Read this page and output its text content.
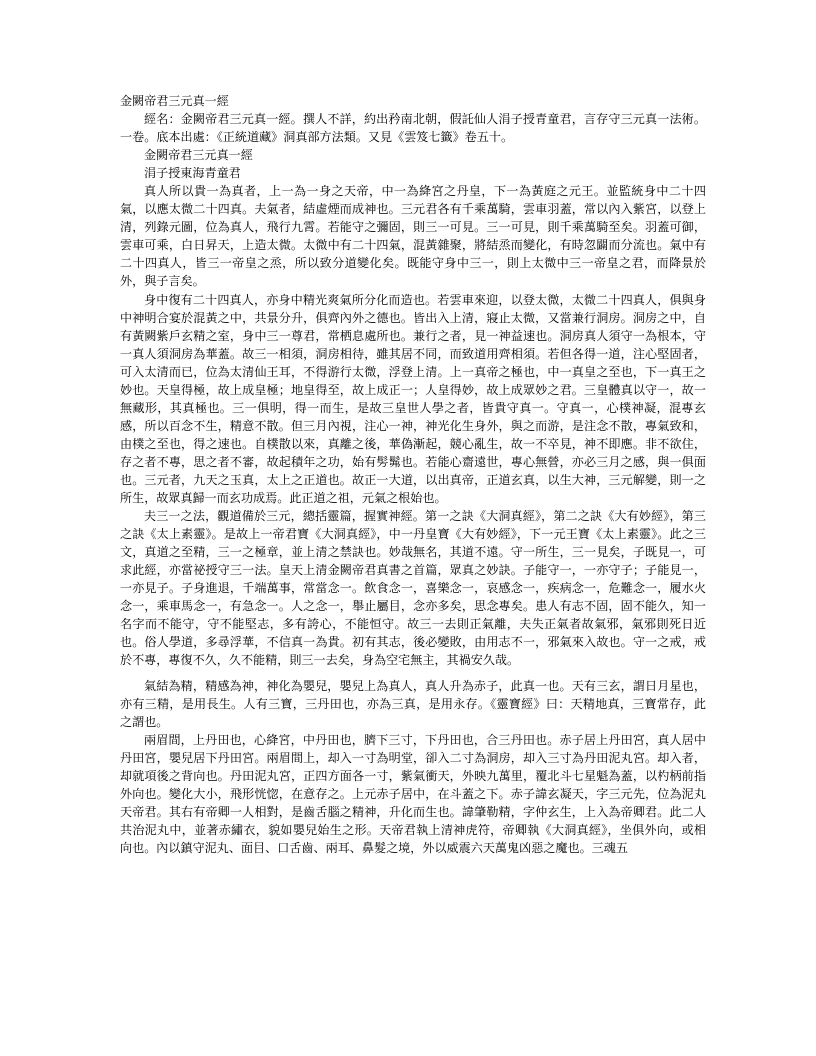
金闕帝君三元真一經

經名：金闕帝君三元真一經。撰人不詳，約出矜南北朝，假託仙人涓子授青童君，言存守三元真一法術。一卷。底本出處：《正統道藏》洞真部方法類。又見《雲笈七籤》卷五十。

金闕帝君三元真一經

涓子授東海青童君

真人所以貴一為真者，上一為一身之天帝，中一為絳宮之丹皇，下一為黃庭之元王。並監統身中二十四氣，以應太微二十四真。夫氣者，結虛煙而成神也。三元君各有千乘萬騎，雲車羽蓋，常以內入紫宮，以登上清，列錄元圖，位為真人，飛行九霄。若能守之彌固，則三一可見。三一可見，則千乘萬騎至矣。羽蓋可御，雲車可乘，白日昇天，上造太微。太微中有二十四氣，混黃雜聚，將結烝而變化，有時忽闢而分流也。氣中有二十四真人，皆三一帝皇之烝，所以致分道變化矣。既能守身中三一，則上太微中三一帝皇之君，而降景於外，與子言矣。

身中復有二十四真人，亦身中精光爽氣所分化而造也。若雲車來迎，以登太微，太微二十四真人，俱與身中神明合宴於混黃之中，共景分升，俱齊內外之德也。皆出入上清，寢止太微，又當兼行洞房。洞房之中，自有黃闕紫戶玄精之室，身中三一尊君，常栖息處所也。兼行之者，見一神益速也。洞房真人須守一為根本，守一真人須洞房為華蓋。故三一相須，洞房相待，雖其居不同，而致道用齊相須。若但各得一道，注心堅固者，可入太清而已，位為太清仙王耳，不得游行太微，浮登上清。上一真帝之極也，中一真皇之至也，下一真王之妙也。天皇得極，故上成皇極；地皇得至，故上成正一；人皇得妙，故上成眾妙之君。三皇體真以守一，故一無藏形，其真極也。三一俱明，得一而生，是故三皇世人學之者，皆貴守真一。守真一，心樸神凝，混專玄感，所以百念不生，精意不散。但三月內視，注心一神，神光化生身外，與之而游，是注念不散，專氣致和，由樸之至也，得之速也。自樸散以來，真離之後，華偽漸起，競心亂生，故一不卒見，神不即應。非不欲住，存之者不專，思之者不審，故起積年之功，始有髣髴也。若能心齋遠世，專心無營，亦必三月之感，與一俱面也。三元者，九天之玉真，太上之正道也。故正一大道，以出真帝，正道玄真，以生大神，三元解變，則一之所生，故眾真歸一而玄功成焉。此正道之祖，元氣之根始也。

夫三一之法，觀道備於三元，總括靈篇，握實神經。第一之訣《大洞真經》，第二之訣《大有妙經》，第三之訣《太上素靈》。是故上一帝君寶《大洞真經》，中一丹皇寶《大有妙經》，下一元王寶《太上素靈》。此之三文，真道之至精，三一之極章，並上清之禁訣也。妙哉無名，其道不遠。守一所生，三一見矣，子既見一，可求此經，亦當祕授守三一法。皇天上清金闕帝君真書之首篇，眾真之妙訣。子能守一，一亦守子；子能見一，一亦見子。子身進退，千端萬事，常當念一。飲食念一，喜樂念一，哀感念一，疾病念一，危難念一，履水火念一，乘車馬念一，有急念一。人之念一，舉止屬目，念亦多矣，思念專矣。患人有志不固，固不能久，知一名字而不能守，守不能堅志，多有誇心，不能恒守。故三一去則正氣離，夫失正氣者故氣邪，氣邪則死日近也。俗人學道，多尋浮華，不信真一為貴。初有其志，後必變敗，由用志不一，邪氣來入故也。守一之戒，戒於不專，專復不久，久不能精，則三一去矣，身為空宅無主，其禍安久哉。

氣結為精，精感為神，神化為嬰兒，嬰兒上為真人，真人升為赤子，此真一也。天有三玄，謂日月星也，亦有三精，是用長生。人有三寶，三丹田也，亦為三真，是用永存。《靈寶經》曰：天精地真，三寶常存，此之謂也。

兩眉間，上丹田也，心絳宮，中丹田也，臍下三寸，下丹田也，合三丹田也。赤子居上丹田宮，真人居中丹田宮，嬰兒居下丹田宮。兩眉間上，却入一寸為明堂，卻入二寸為洞房，却入三寸為丹田泥丸宮。却入者，却就項後之背向也。丹田泥丸宮，正四方面各一寸，紫氣衝天，外映九萬里，覆北斗七星魁為蓋，以杓柄前指外向也。變化大小，飛形恍惚，在意存之。上元赤子居中，在斗蓋之下。赤子諱玄凝天，字三元先，位為泥丸天帝君。其右有帝卿一人相對，是齒舌腦之精神，升化而生也。諱肇勒精，字仲玄生，上入為帝卿君。此二人共治泥丸中，並著赤繡衣，貌如嬰兒始生之形。天帝君執上清神虎符，帝卿執《大洞真經》，坐俱外向，或相向也。內以鎮守泥丸、面目、口舌齒、兩耳、鼻髮之境，外以威震六天萬鬼凶惡之魔也。三魂五
